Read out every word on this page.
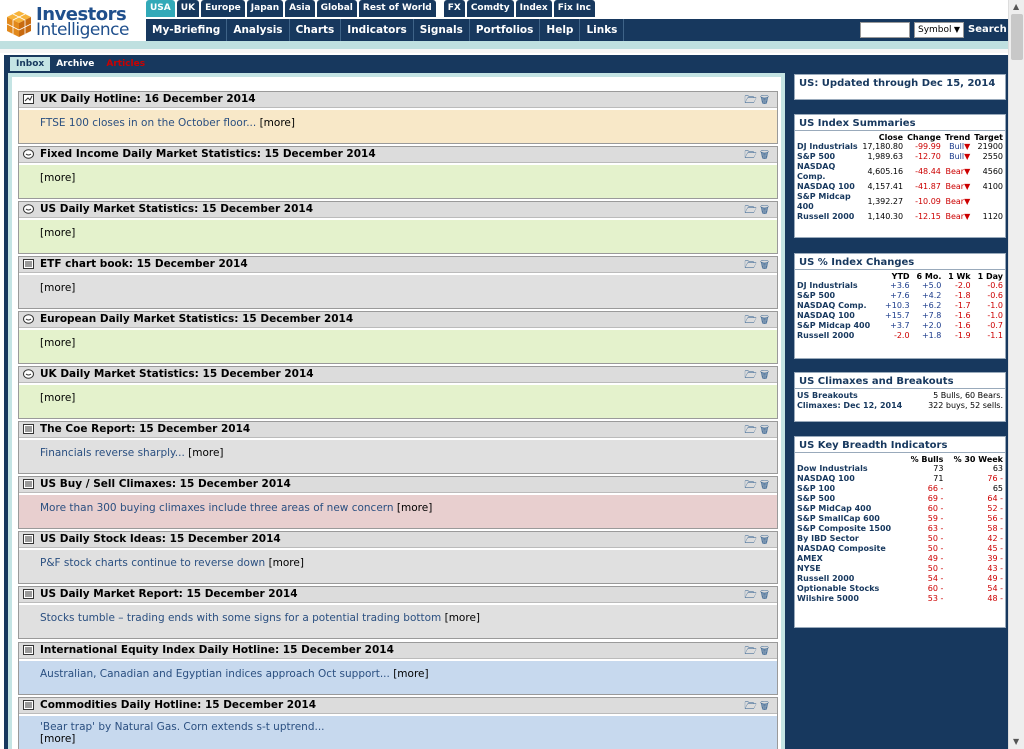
Investors
Intelligence
USA	UK	Europe	Japan	Asia	Global	Rest of World	FX	Comdty	Index	Fix Inc
My-Briefing	Analysis	Charts	Indicators	Signals	Portfolios	Help	Links	Symbol ▼ Search
▲
▼
Inbox	Archive	Articles
UK Daily Hotline: 16 December 2014	🗁 🗑
FTSE 100 closes in on the October floor... [more]
Fixed Income Daily Market Statistics: 15 December 2014	🗁 🗑
[more]
US Daily Market Statistics: 15 December 2014	🗁 🗑
[more]
ETF chart book: 15 December 2014	🗁 🗑
[more]
European Daily Market Statistics: 15 December 2014	🗁 🗑
[more]
UK Daily Market Statistics: 15 December 2014	🗁 🗑
[more]
The Coe Report: 15 December 2014	🗁 🗑
Financials reverse sharply... [more]
US Buy / Sell Climaxes: 15 December 2014	🗁 🗑
More than 300 buying climaxes include three areas of new concern [more]
US Daily Stock Ideas: 15 December 2014	🗁 🗑
P&F stock charts continue to reverse down [more]
US Daily Market Report: 15 December 2014	🗁 🗑
Stocks tumble – trading ends with some signs for a potential trading bottom [more]
International Equity Index Daily Hotline: 15 December 2014	🗁 🗑
Australian, Canadian and Egyptian indices approach Oct support... [more]
Commodities Daily Hotline: 15 December 2014	🗁 🗑
'Bear trap' by Natural Gas. Corn extends s-t uptrend...
[more]
US: Updated through Dec 15, 2014
US Index Summaries
	Close	Change	Trend	Target
DJ Industrials	17,180.80	-99.99	Bull▼	21900
S&P 500	1,989.63	-12.70	Bull▼	2550
NASDAQ Comp.	4,605.16	-48.44	Bear▼	4560
NASDAQ 100	4,157.41	-41.87	Bear▼	4100
S&P Midcap 400	1,392.27	-10.09	Bear▼	
Russell 2000	1,140.30	-12.15	Bear▼	1120
US % Index Changes
	YTD	6 Mo.	1 Wk	1 Day
DJ Industrials	+3.6	+5.0	-2.0	-0.6
S&P 500	+7.6	+4.2	-1.8	-0.6
NASDAQ Comp.	+10.3	+6.2	-1.7	-1.0
NASDAQ 100	+15.7	+7.8	-1.6	-1.0
S&P Midcap 400	+3.7	+2.0	-1.6	-0.7
Russell 2000	-2.0	+1.8	-1.9	-1.1
US Climaxes and Breakouts
US Breakouts	5 Bulls, 60 Bears.
Climaxes: Dec 12, 2014	322 buys, 52 sells.
US Key Breadth Indicators
	% Bulls	% 30 Week
Dow Industrials	73	63
NASDAQ 100	71	76 -
S&P 100	66 -	65
S&P 500	69 -	64 -
S&P MidCap 400	60 -	52 -
S&P SmallCap 600	59 -	56 -
S&P Composite 1500	63 -	58 -
By IBD Sector	50 -	42 -
NASDAQ Composite	50 -	45 -
AMEX	49 -	39 -
NYSE	50 -	43 -
Russell 2000	54 -	49 -
Optionable Stocks	60 -	54 -
Wilshire 5000	53 -	48 -
